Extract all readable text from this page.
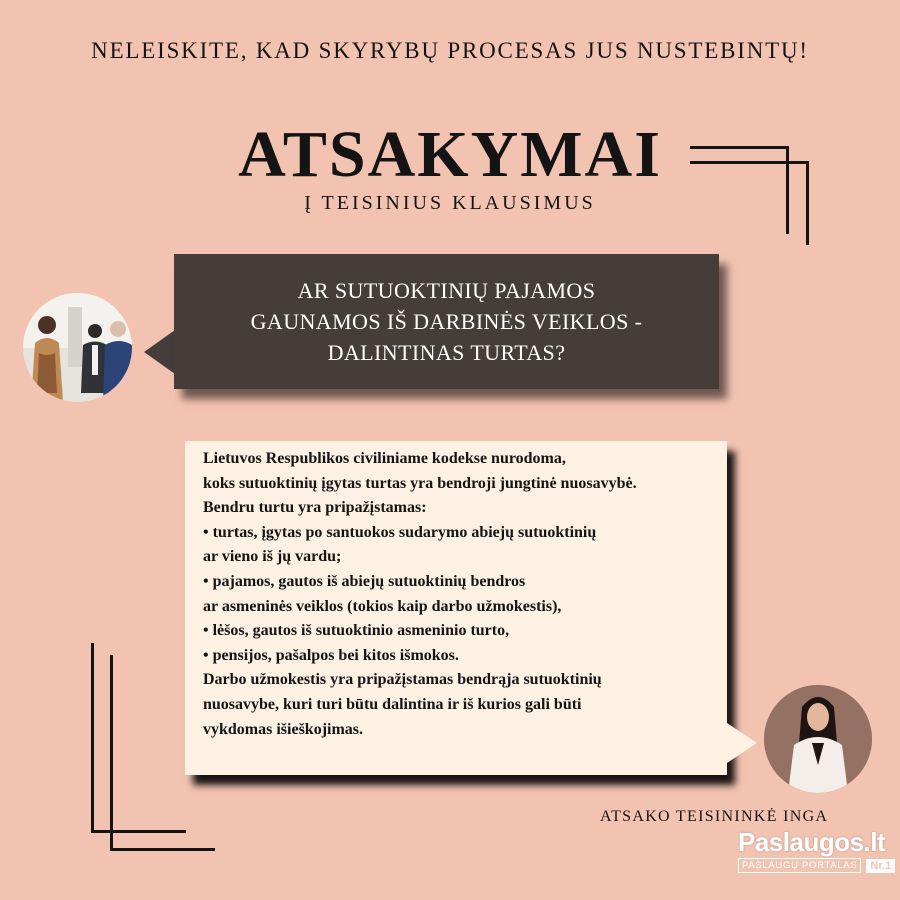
NELEISKITE, KAD SKYRYBŲ PROCESAS JUS NUSTEBINTŲ!
ATSAKYMAI
Į TEISINIUS KLAUSIMUS
AR SUTUOKTINIŲ PAJAMOS
GAUNAMOS IŠ DARBINĖS VEIKLOS -
DALINTINAS TURTAS?
Lietuvos Respublikos civiliniame kodekse nurodoma,
koks sutuoktinių įgytas turtas yra bendroji jungtinė nuosavybė.
Bendru turtu yra pripažįstamas:
• turtas, įgytas po santuokos sudarymo abiejų sutuoktinių
ar vieno iš jų vardu;
• pajamos, gautos iš abiejų sutuoktinių bendros
ar asmeninės veiklos (tokios kaip darbo užmokestis),
• lėšos, gautos iš sutuoktinio asmeninio turto,
• pensijos, pašalpos bei kitos išmokos.
Darbo užmokestis yra pripažįstamas bendrąja sutuoktinių
nuosavybe, kuri turi būtu dalintina ir iš kurios gali būti
vykdomas išieškojimas.
ATSAKO TEISININKĖ INGA
Paslaugos.lt
PASLAUGŲ PORTALAS	Nr.1
